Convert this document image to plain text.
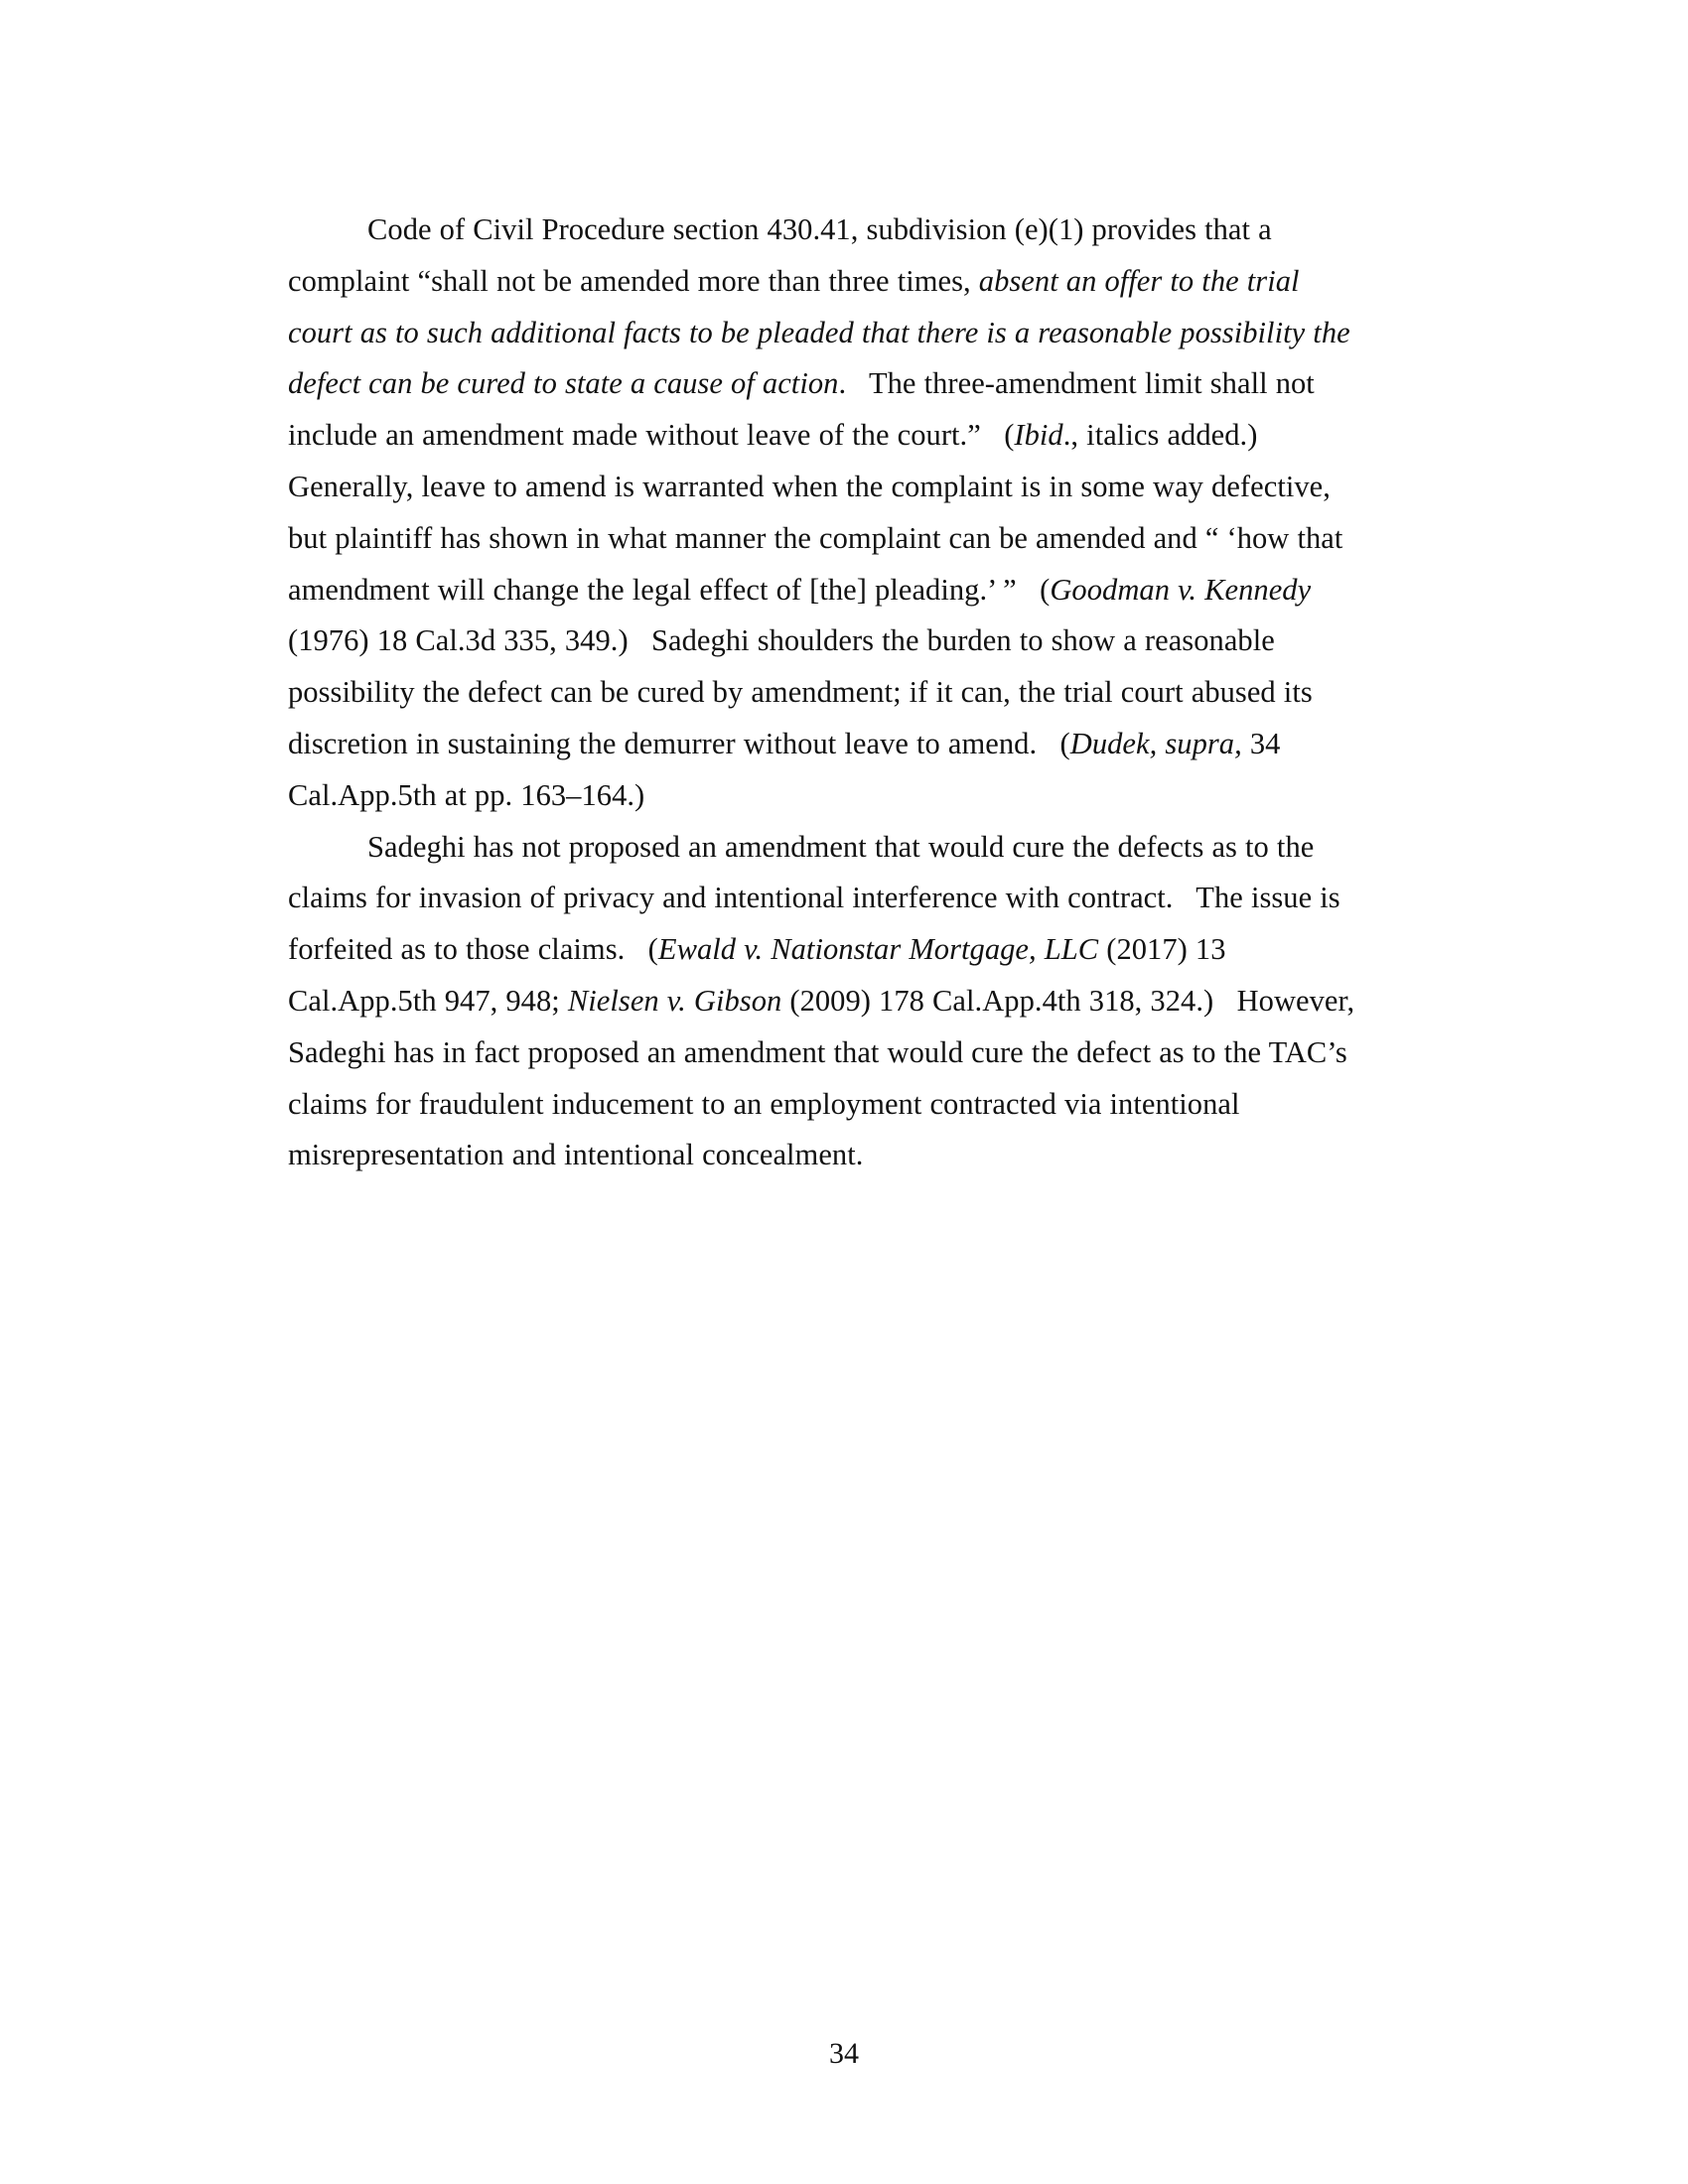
Code of Civil Procedure section 430.41, subdivision (e)(1) provides that a complaint “shall not be amended more than three times, absent an offer to the trial court as to such additional facts to be pleaded that there is a reasonable possibility the defect can be cured to state a cause of action.  The three-amendment limit shall not include an amendment made without leave of the court.”  (Ibid., italics added.)  Generally, leave to amend is warranted when the complaint is in some way defective, but plaintiff has shown in what manner the complaint can be amended and “ ‘how that amendment will change the legal effect of [the] pleading.’ ”  (Goodman v. Kennedy (1976) 18 Cal.3d 335, 349.)  Sadeghi shoulders the burden to show a reasonable possibility the defect can be cured by amendment; if it can, the trial court abused its discretion in sustaining the demurrer without leave to amend.  (Dudek, supra, 34 Cal.App.5th at pp. 163–164.)

Sadeghi has not proposed an amendment that would cure the defects as to the claims for invasion of privacy and intentional interference with contract.  The issue is forfeited as to those claims.  (Ewald v. Nationstar Mortgage, LLC (2017) 13 Cal.App.5th 947, 948; Nielsen v. Gibson (2009) 178 Cal.App.4th 318, 324.)  However, Sadeghi has in fact proposed an amendment that would cure the defect as to the TAC’s claims for fraudulent inducement to an employment contracted via intentional misrepresentation and intentional concealment.

34
